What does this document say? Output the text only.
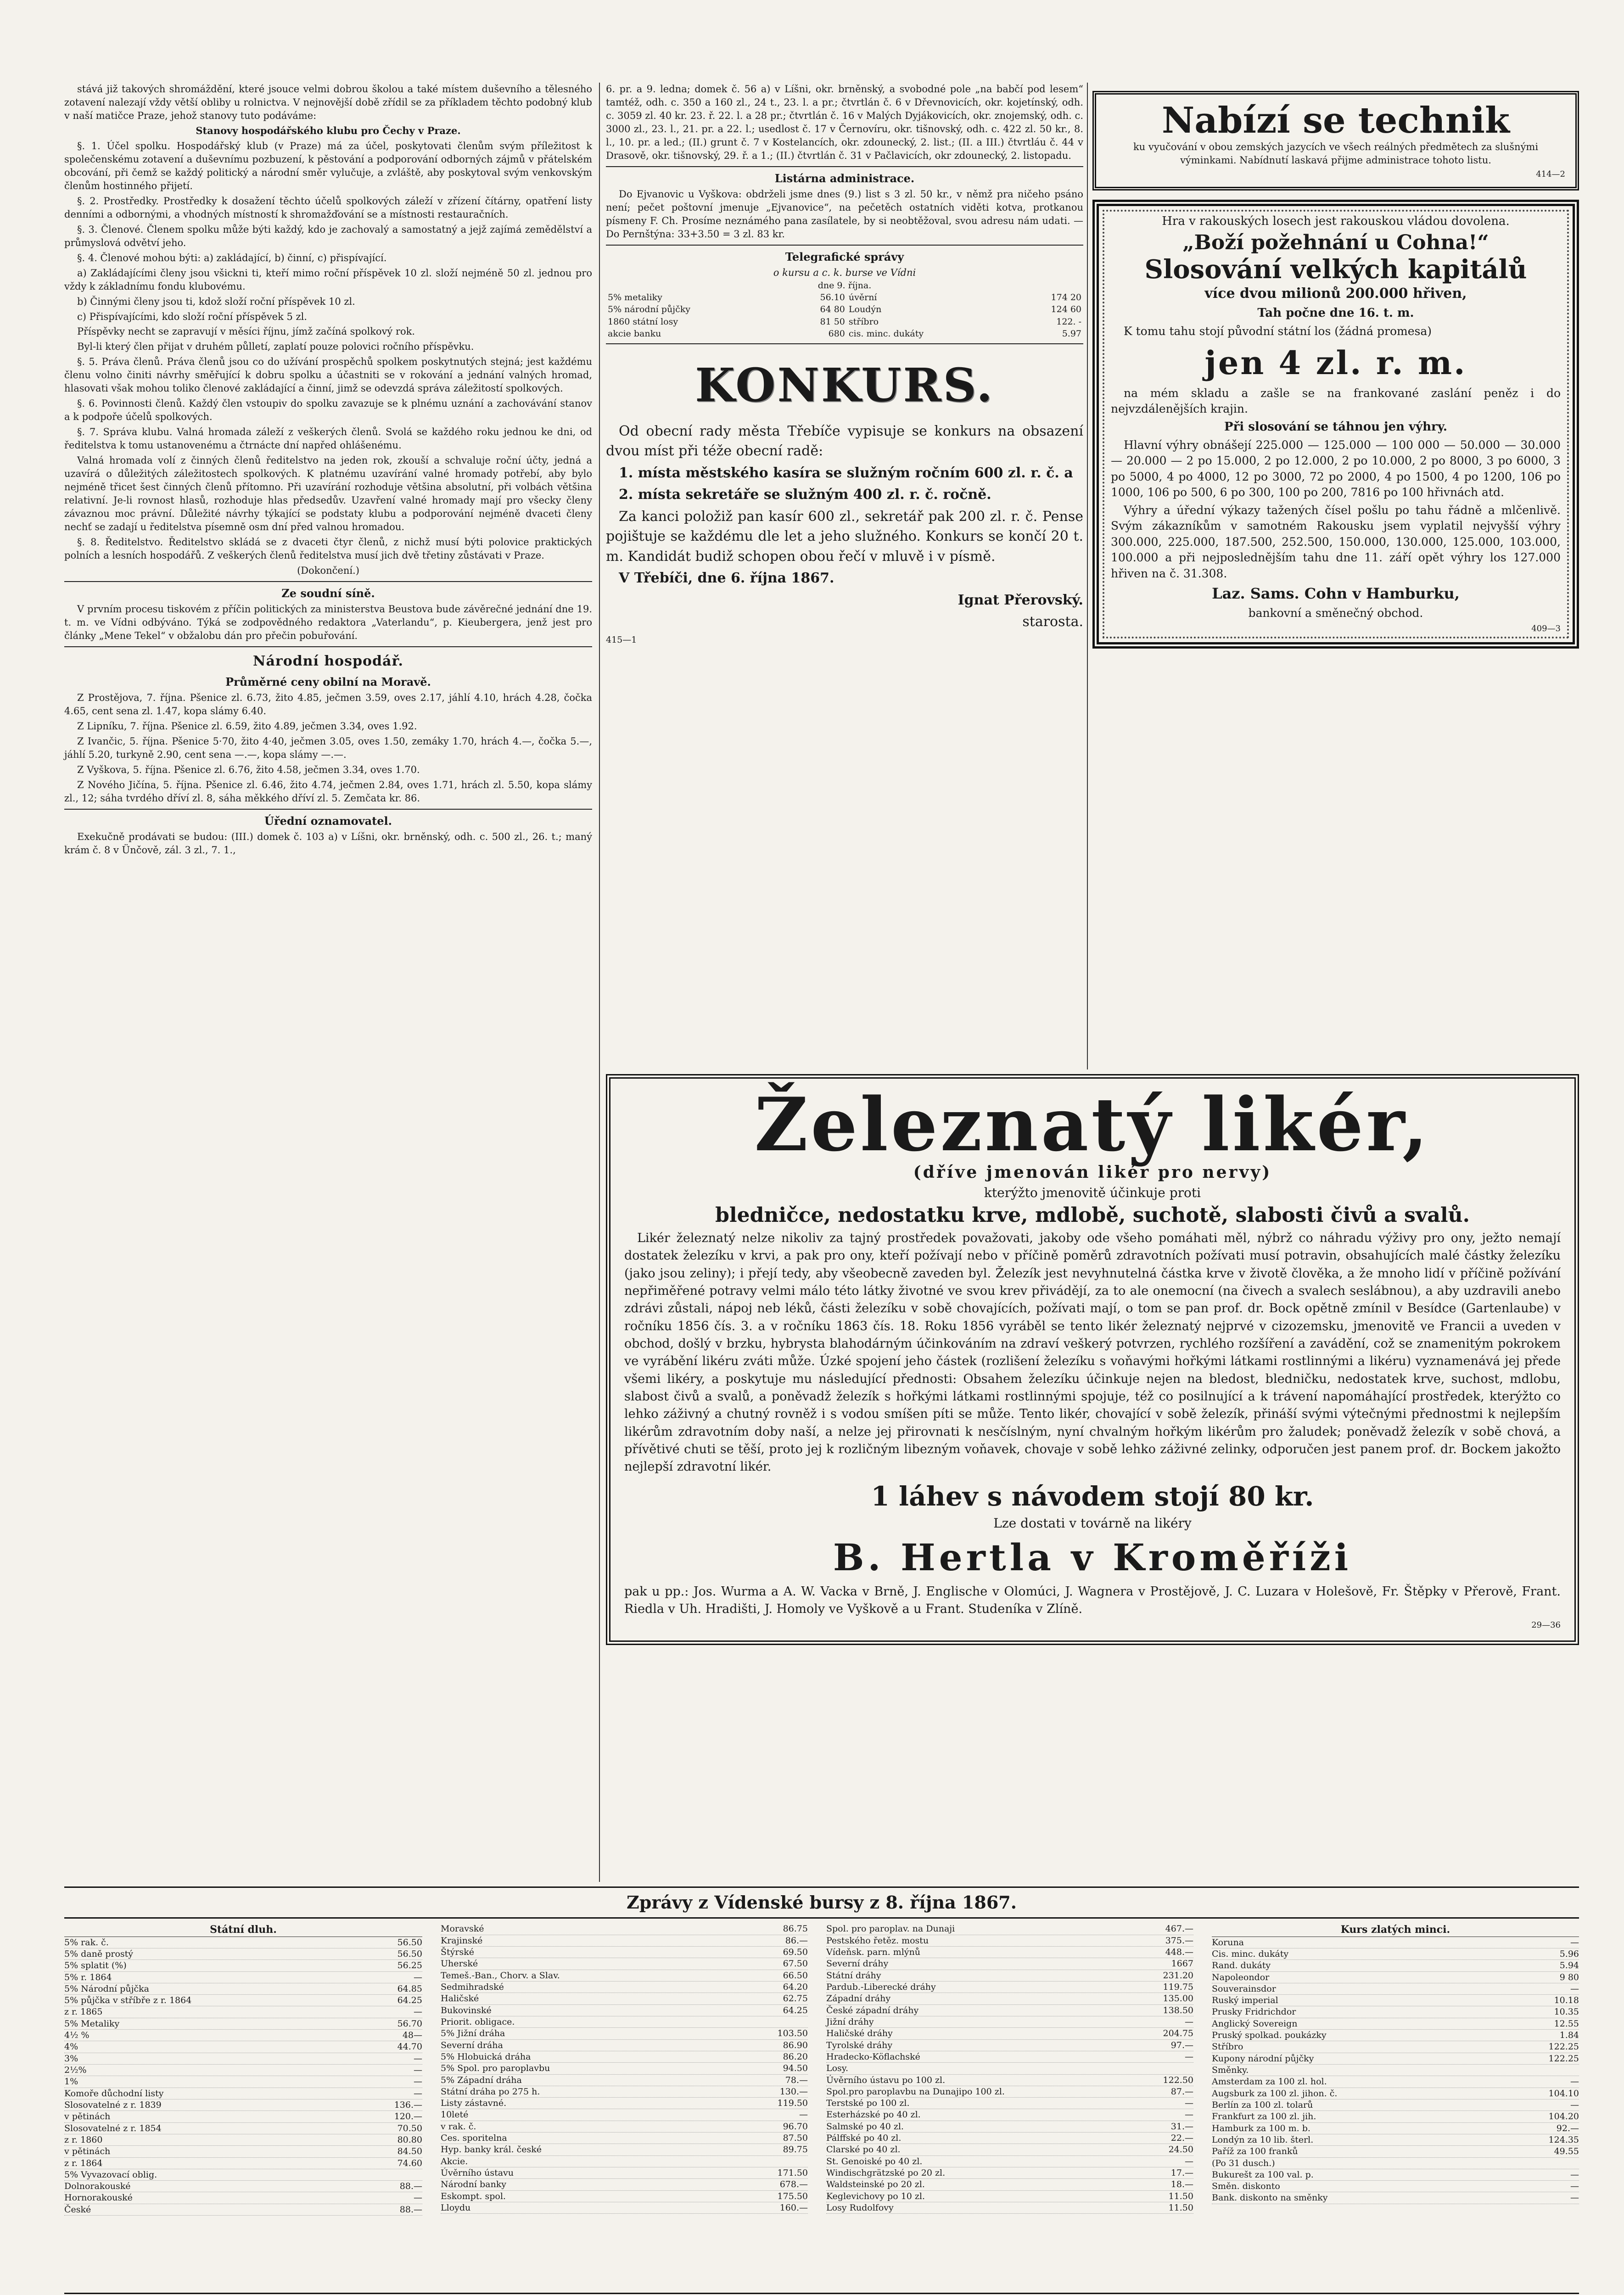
stává již takových shromáždění, které jsouce velmi dobrou školou a také místem duševního a tělesného zotavení nalezají vždy větší obliby u rolnictva. V nejnovější době zřídil se za příkladem těchto podobný klub v naší matičce Praze, jehož stanovy tuto podáváme:

Stanovy hospodářského klubu pro Čechy v Praze.

§. 1. Účel spolku. Hospodářský klub (v Praze) má za účel, poskytovati členům svým příležitost k společenskému zotavení a duševnímu pozbuzení, k pěstování a podporování odborných zájmů v přátelském obcování, při čemž se každý politický a národní směr vylučuje, a zvláště, aby poskytoval svým venkovským členům hostinného přijetí.

§. 2. Prostředky. Prostředky k dosažení těchto účelů spolkových záleží v zřízení čítárny, opatření listy denními a odbornými, a vhodných místností k shromažďování se a místnosti restauračních.

§. 3. Členové. Členem spolku může býti každý, kdo je zachovalý a samostatný a jejž zajímá zemědělství a průmyslová odvětví jeho.

§. 4. Členové mohou býti: a) zakládající, b) činní, c) přispívající.

a) Zakládajícími členy jsou všickni ti, kteří mimo roční příspěvek 10 zl. složí nejméně 50 zl. jednou pro vždy k základnímu fondu klubovému.

b) Činnými členy jsou ti, kdož složí roční příspěvek 10 zl.

c) Přispívajícími, kdo složí roční příspěvek 5 zl.

Příspěvky necht se zapravují v měsíci říjnu, jímž začíná spolkový rok.

Byl-li který člen přijat v druhém půlletí, zaplatí pouze polovici ročního příspěvku.

§. 5. Práva členů. Práva členů jsou co do užívání prospěchů spolkem poskytnutých stejná; jest každému členu volno činiti návrhy směřující k dobru spolku a účastniti se v rokování a jednání valných hromad, hlasovati však mohou toliko členové zakládající a činní, jimž se odevzdá správa záležitostí spolkových.

§. 6. Povinnosti členů. Každý člen vstoupiv do spolku zavazuje se k plnému uznání a zachovávání stanov a k podpoře účelů spolkových.

§. 7. Správa klubu. Valná hromada záleží z veškerých členů. Svolá se každého roku jednou ke dni, od ředitelstva k tomu ustanovenému a čtrnácte dní napřed ohlášenému.

Valná hromada volí z činných členů ředitelstvo na jeden rok, zkouší a schvaluje roční účty, jedná a uzavírá o důležitých záležitostech spolkových. K platnému uzavírání valné hromady potřebí, aby bylo nejméně třicet šest činných členů přítomno. Při uzavírání rozhoduje většina absolutní, při volbách většina relativní. Je-li rovnost hlasů, rozhoduje hlas předsedův. Uzavření valné hromady mají pro všecky členy závaznou moc právní. Důležité návrhy týkající se podstaty klubu a podporování nejméně dvaceti členy nechť se zadají u ředitelstva písemně osm dní před valnou hromadou.

§. 8. Ředitelstvo. Ředitelstvo skládá se z dvaceti čtyr členů, z nichž musí býti polovice praktických polních a lesních hospodářů. Z veškerých členů ředitelstva musí jich dvě třetiny zůstávati v Praze.

(Dokončení.)

Ze soudní síně.

V prvním procesu tiskovém z příčin politických za ministerstva Beustova bude závěrečné jednání dne 19. t. m. ve Vídni odbýváno. Týká se zodpovědného redaktora „Vaterlandu“, p. Kieubergera, jenž jest pro články „Mene Tekel“ v obžalobu dán pro přečin pobuřování.

Národní hospodář.
Průměrné ceny obilní na Moravě.

Z Prostějova, 7. října. Pšenice zl. 6.73, žito 4.85, ječmen 3.59, oves 2.17, jáhlí 4.10, hrách 4.28, čočka 4.65, cent sena zl. 1.47, kopa slámy 6.40.

Z Lipníku, 7. října. Pšenice zl. 6.59, žito 4.89, ječmen 3.34, oves 1.92.

Z Ivančic, 5. října. Pšenice 5·70, žito 4·40, ječmen 3.05, oves 1.50, zemáky 1.70, hrách 4.—, čočka 5.—, jáhlí 5.20, turkyně 2.90, cent sena —.—, kopa slámy —.—.

Z Vyškova, 5. října. Pšenice zl. 6.76, žito 4.58, ječmen 3.34, oves 1.70.

Z Nového Jičína, 5. října. Pšenice zl. 6.46, žito 4.74, ječmen 2.84, oves 1.71, hrách zl. 5.50, kopa slámy zl., 12; sáha tvrdého dříví zl. 8, sáha měkkého dříví zl. 5. Zemčata kr. 86.

Úřední oznamovatel.

Exekučně prodávati se budou: (III.) domek č. 103 a) v Líšni, okr. brněnský, odh. c. 500 zl., 26. t.; maný krám č. 8 v Ünčově, zál. 3 zl., 7. 1.,

6. pr. a 9. ledna; domek č. 56 a) v Líšni, okr. brněnský, a svobodné pole „na babčí pod lesem“ tamtéž, odh. c. 350 a 160 zl., 24 t., 23. l. a pr.; čtvrtlán č. 6 v Dřevnovicích, okr. kojetínský, odh. c. 3059 zl. 40 kr. 23. ř. 22. l. a 28 pr.; čtvrtlán č. 16 v Malých Dyjákovicích, okr. znojemský, odh. c. 3000 zl., 23. l., 21. pr. a 22. l.; usedlost č. 17 v Černovíru, okr. tišnovský, odh. c. 422 zl. 50 kr., 8. l., 10. pr. a led.; (II.) grunt č. 7 v Kostelancích, okr. zdounecký, 2. list.; (II. a III.) čtvrtláu č. 44 v Drasově, okr. tišnovský, 29. ř. a 1.; (II.) čtvrtlán č. 31 v Pačlavicích, okr zdounecký, 2. listopadu.

Listárna administrace.

Do Ejvanovic u Vyškova: obdrželi jsme dnes (9.) list s 3 zl. 50 kr., v němž pra ničeho psáno není; pečet poštovní jmenuje „Ejvanovice“, na pečetěch ostatních viděti kotva, protkanou písmeny F. Ch. Prosíme neznámého pana zasílatele, by si neobtěžoval, svou adresu nám udati. — Do Pernštýna: 33+3.50 = 3 zl. 83 kr.

Telegrafické správy
o kursu a c. k. burse ve Vídni
dne 9. října.
5% metaliky	56.10	úvěrní	174 20
5% národní půjčky	64 80	Loudýn	124 60
1860 státní losy	81 50	stříbro	122. -
akcie banku	680	cis. minc. dukáty	5.97
KONKURS.

Od obecní rady města Třebíče vypisuje se konkurs na obsazení dvou míst při téže obecní radě:

1. místa městského kasíra se služným ročním 600 zl. r. č. a

2. místa sekretáře se služným 400 zl. r. č. ročně.

Za kanci položiž pan kasír 600 zl., sekretář pak 200 zl. r. č. Pense pojištuje se každému dle let a jeho služného. Konkurs se končí 20 t. m. Kandidát budiž schopen obou řečí v mluvě i v písmě.

V Třebíči, dne 6. října 1867.

Ignat Přerovský.

starosta.

415—1

Nabízí se technik

ku vyučování v obou zemských jazycích ve všech reálných předmětech za slušnými výminkami. Nabídnutí laskavá přijme administrace tohoto listu.

414—2

Hra v rakouských losech jest rakouskou vládou dovolena.

„Boží požehnání u Cohna!“
Slosování velkých kapitálů

více dvou milionů 200.000 hřiven,

Tah počne dne 16. t. m.

K tomu tahu stojí původní státní los (žádná promesa)

jen 4 zl. r. m.

na mém skladu a zašle se na frankované zaslání peněz i do nejvzdálenějších krajin.

Při slosování se táhnou jen výhry.

Hlavní výhry obnášejí 225.000 — 125.000 — 100 000 — 50.000 — 30.000 — 20.000 — 2 po 15.000, 2 po 12.000, 2 po 10.000, 2 po 8000, 3 po 6000, 3 po 5000, 4 po 4000, 12 po 3000, 72 po 2000, 4 po 1500, 4 po 1200, 106 po 1000, 106 po 500, 6 po 300, 100 po 200, 7816 po 100 hřivnách atd.

Výhry a úřední výkazy tažených čísel pošlu po tahu řádně a mlčenlivě. Svým zákazníkům v samotném Rakousku jsem vyplatil nejvyšší výhry 300.000, 225.000, 187.500, 252.500, 150.000, 130.000, 125.000, 103.000, 100.000 a při nejposlednějším tahu dne 11. září opět výhry los 127.000 hřiven na č. 31.308.

Laz. Sams. Cohn v Hamburku,

bankovní a směnečný obchod.

409—3
Železnatý likér,
(dříve jmenován likér pro nervy)
kterýžto jmenovitě účinkuje proti
bledničce, nedostatku krve, mdlobě, suchotě, slabosti čivů a svalů.

Likér železnatý nelze nikoliv za tajný prostředek považovati, jakoby ode všeho pomáhati měl, nýbrž co náhradu výživy pro ony, ježto nemají dostatek železíku v krvi, a pak pro ony, kteří požívají nebo v příčině poměrů zdravotních požívati musí potravin, obsahujících malé částky železíku (jako jsou zeliny); i přejí tedy, aby všeobecně zaveden byl. Železík jest nevyhnutelná částka krve v životě člověka, a že mnoho lidí v příčině požívání nepřiměřené potravy velmi málo této látky životné ve svou krev přivádějí, za to ale onemocní (na čivech a svalech seslábnou), a aby uzdravili anebo zdrávi zůstali, nápoj neb léků, části železíku v sobě chovajících, požívati mají, o tom se pan prof. dr. Bock opětně zmínil v Besídce (Gartenlaube) v ročníku 1856 čís. 3. a v ročníku 1863 čís. 18. Roku 1856 vyráběl se tento likér železnatý nejprvé v cizozemsku, jmenovitě ve Francii a uveden v obchod, došlý v brzku, hybrysta blahodárným účinkováním na zdraví veškerý potvrzen, rychlého rozšíření a zavádění, což se znamenitým pokrokem ve vyrábění likéru zváti může. Úzké spojení jeho částek (rozlišení železíku s voňavými hořkými látkami rostlinnými a likéru) vyznamenává jej přede všemi likéry, a poskytuje mu následující přednosti: Obsahem železíku účinkuje nejen na bledost, bledničku, nedostatek krve, suchost, mdlobu, slabost čivů a svalů, a poněvadž železík s hořkými látkami rostlinnými spojuje, též co posilnující a k trávení napomáhající prostředek, kterýžto co lehko záživný a chutný rovněž i s vodou smíšen píti se může. Tento likér, chovající v sobě železík, přináší svými výtečnými přednostmi k nejlepším likérům zdravotním doby naší, a nelze jej přirovnati k nesčíslným, nyní chvalným hořkým likérům pro žaludek; poněvadž železík v sobě chová, a přívětivé chuti se těší, proto jej k rozličným libezným voňavek, chovaje v sobě lehko záživné zelinky, odporučen jest panem prof. dr. Bockem jakožto nejlepší zdravotní likér.

1 láhev s návodem stojí 80 kr.
Lze dostati v továrně na likéry
B. Hertla v Kroměříži

pak u pp.: Jos. Wurma a A. W. Vacka v Brně, J. Englische v Olomúci, J. Wagnera v Prostějově, J. C. Luzara v Holešově, Fr. Štěpky v Přerově, Frant. Riedla v Uh. Hradišti, J. Homoly ve Vyškově a u Frant. Studeníka v Zlíně.

29—36
Zprávy z Vídenské bursy z 8. října 1867.
Státní dluh.
5% rak. č.	56.50
5% daně prostý	56.50
5% splatit (%)	56.25
5% r. 1864	—
5% Národní půjčka	64.85
5% půjčka v stříbře z r. 1864	64.25
z r. 1865	—
5% Metaliky	56.70
4½ %	48—
4%	44.70
3%	—
2½%	—
1%	—
Komoře důchodní listy	—
Slosovatelné z r. 1839	136.—
v pětinách	120.—
Slosovatelné z r. 1854	70.50
z r. 1860	80.80
v pětinách	84.50
z r. 1864	74.60
5% Vyvazovací oblig.
Dolnorakouské	88.—
Hornorakouské	—
České	88.—
Moravské	86.75
Krajinské	86.—
Štýrské	69.50
Uherské	67.50
Temeš.-Ban., Chorv. a Slav.	66.50
Sedmihradské	64.20
Haličské	62.75
Bukovinské	64.25
Priorit. obligace.
5% Jižní dráha	103.50
Severní dráha	86.90
5% Hlobuická dráha	86.20
5% Spol. pro paroplavbu	94.50
5% Západní dráha	78.—
Státní dráha po 275 h.	130.—
Listy zástavné.	119.50
10leté	—
v rak. č.	96.70
Ces. sporitelna	87.50
Hyp. banky král. české	89.75
Akcie.
Úvěrního ústavu	171.50
Národní banky	678.—
Eskompt. spol.	175.50
Lloydu	160.—
Spol. pro paroplav. na Dunaji	467.—
Pestského řetěz. mostu	375.—
Vídeňsk. parn. mlýnů	448.—
Severní dráhy	1667
Státní dráhy	231.20
Pardub.-Liberecké dráhy	119.75
Západní dráhy	135.00
České západní dráhy	138.50
Jižní dráhy	—
Haličské dráhy	204.75
Tyrolské dráhy	97.—
Hradecko-Köflachské	—
Losy.
Úvěrního ústavu po 100 zl.	122.50
Spol.pro paroplavbu na Dunajipo 100 zl.	87.—
Terstské po 100 zl.	—
Esterházské po 40 zl.	—
Salmské po 40 zl.	31.—
Pálffské po 40 zl.	22.—
Clarské po 40 zl.	24.50
St. Genoiské po 40 zl.	—
Windischgrätzské po 20 zl.	17.—
Waldsteinské po 20 zl.	18.—
Keglevichovy po 10 zl.	11.50
Losy Rudolfovy	11.50
Kurs zlatých minci.
Koruna	—
Cis. minc. dukáty	5.96
Rand. dukáty	5.94
Napoleondor	9 80
Souverainsdor	—
Ruský imperial	10.18
Prusky Fridrichdor	10.35
Anglický Sovereign	12.55
Pruský spolkad. poukázky	1.84
Stříbro	122.25
Kupony národní půjčky	122.25
Směnky.
Amsterdam za 100 zl. hol.	—
Augsburk za 100 zl. jihon. č.	104.10
Berlín za 100 zl. tolarů	—
Frankfurt za 100 zl. jih.	104.20
Hamburk za 100 m. b.	92.—
Londýn za 10 lib. šterl.	124.35
Paříž za 100 franků	49.55
(Po 31 dusch.)
Bukurešt za 100 val. p.	—
Směn. diskonto	—
Bank. diskonto na směnky	—
